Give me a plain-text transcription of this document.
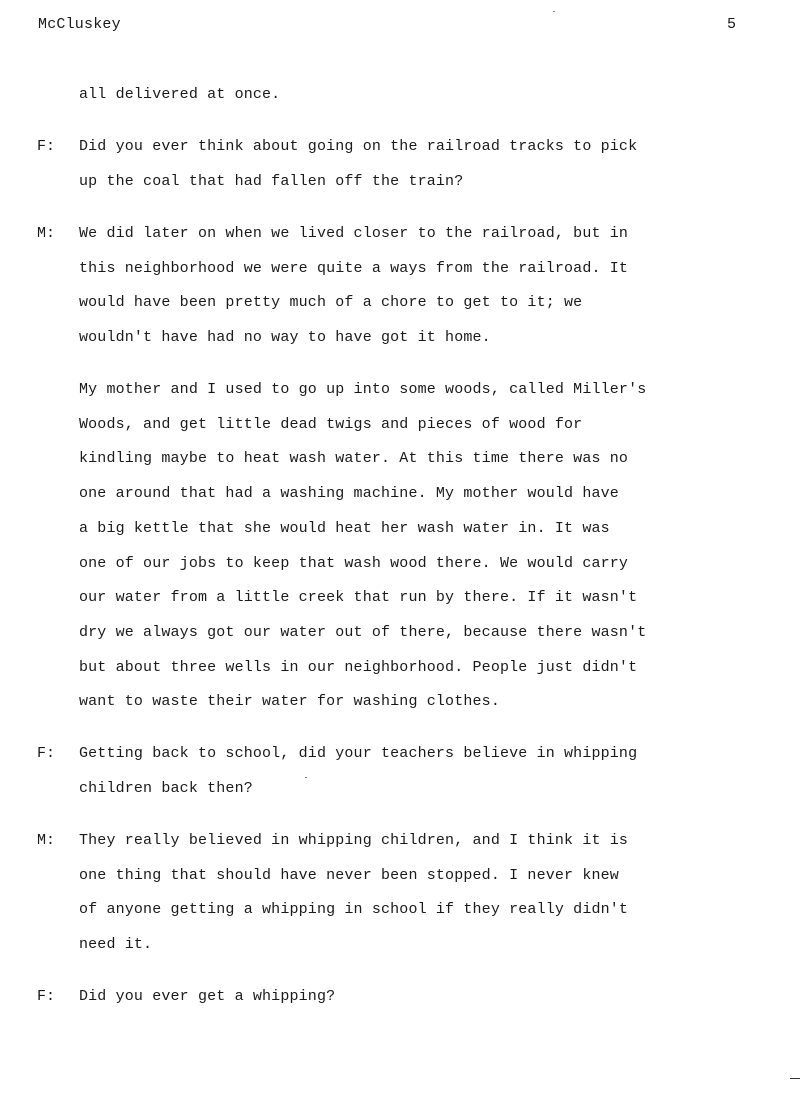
McCluskey	5
all delivered at once.
F: Did you ever think about going on the railroad tracks to pick
up the coal that had fallen off the train?
M: We did later on when we lived closer to the railroad, but in
this neighborhood we were quite a ways from the railroad. It
would have been pretty much of a chore to get to it; we
wouldn't have had no way to have got it home.
My mother and I used to go up into some woods, called Miller's
Woods, and get little dead twigs and pieces of wood for
kindling maybe to heat wash water. At this time there was no
one around that had a washing machine. My mother would have
a big kettle that she would heat her wash water in. It was
one of our jobs to keep that wash wood there. We would carry
our water from a little creek that run by there. If it wasn't
dry we always got our water out of there, because there wasn't
but about three wells in our neighborhood. People just didn't
want to waste their water for washing clothes.
F: Getting back to school, did your teachers believe in whipping
children back then?
M: They really believed in whipping children, and I think it is
one thing that should have never been stopped. I never knew
of anyone getting a whipping in school if they really didn't
need it.
F: Did you ever get a whipping?
